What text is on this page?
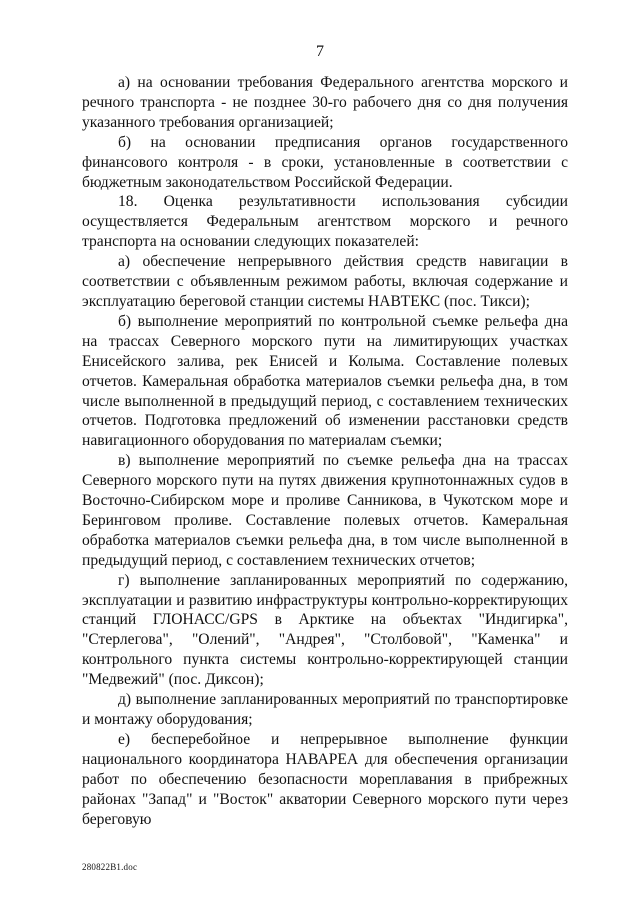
7

а) на основании требования Федерального агентства морского и речного транспорта - не позднее 30-го рабочего дня со дня получения указанного требования организацией;

б) на основании предписания органов государственного финансового контроля - в сроки, установленные в соответствии с бюджетным законодательством Российской Федерации.

18. Оценка результативности использования субсидии осуществляется Федеральным агентством морского и речного транспорта на основании следующих показателей:

а) обеспечение непрерывного действия средств навигации в соответствии с объявленным режимом работы, включая содержание и эксплуатацию береговой станции системы НАВТЕКС (пос. Тикси);

б) выполнение мероприятий по контрольной съемке рельефа дна на трассах Северного морского пути на лимитирующих участках Енисейского залива, рек Енисей и Колыма. Составление полевых отчетов. Камеральная обработка материалов съемки рельефа дна, в том числе выполненной в предыдущий период, с составлением технических отчетов. Подготовка предложений об изменении расстановки средств навигационного оборудования по материалам съемки;

в) выполнение мероприятий по съемке рельефа дна на трассах Северного морского пути на путях движения крупнотоннажных судов в Восточно-Сибирском море и проливе Санникова, в Чукотском море и Беринговом проливе. Составление полевых отчетов. Камеральная обработка материалов съемки рельефа дна, в том числе выполненной в предыдущий период, с составлением технических отчетов;

г) выполнение запланированных мероприятий по содержанию, эксплуатации и развитию инфраструктуры контрольно-корректирующих станций ГЛОНАСС/GPS в Арктике на объектах "Индигирка", "Стерлегова", "Олений", "Андрея", "Столбовой", "Каменка" и контрольного пункта системы контрольно-корректирующей станции "Медвежий" (пос. Диксон);

д) выполнение запланированных мероприятий по транспортировке и монтажу оборудования;

е) бесперебойное и непрерывное выполнение функции национального координатора НАВАРЕА для обеспечения организации работ по обеспечению безопасности мореплавания в прибрежных районах "Запад" и "Восток" акватории Северного морского пути через береговую

280822В1.doc
